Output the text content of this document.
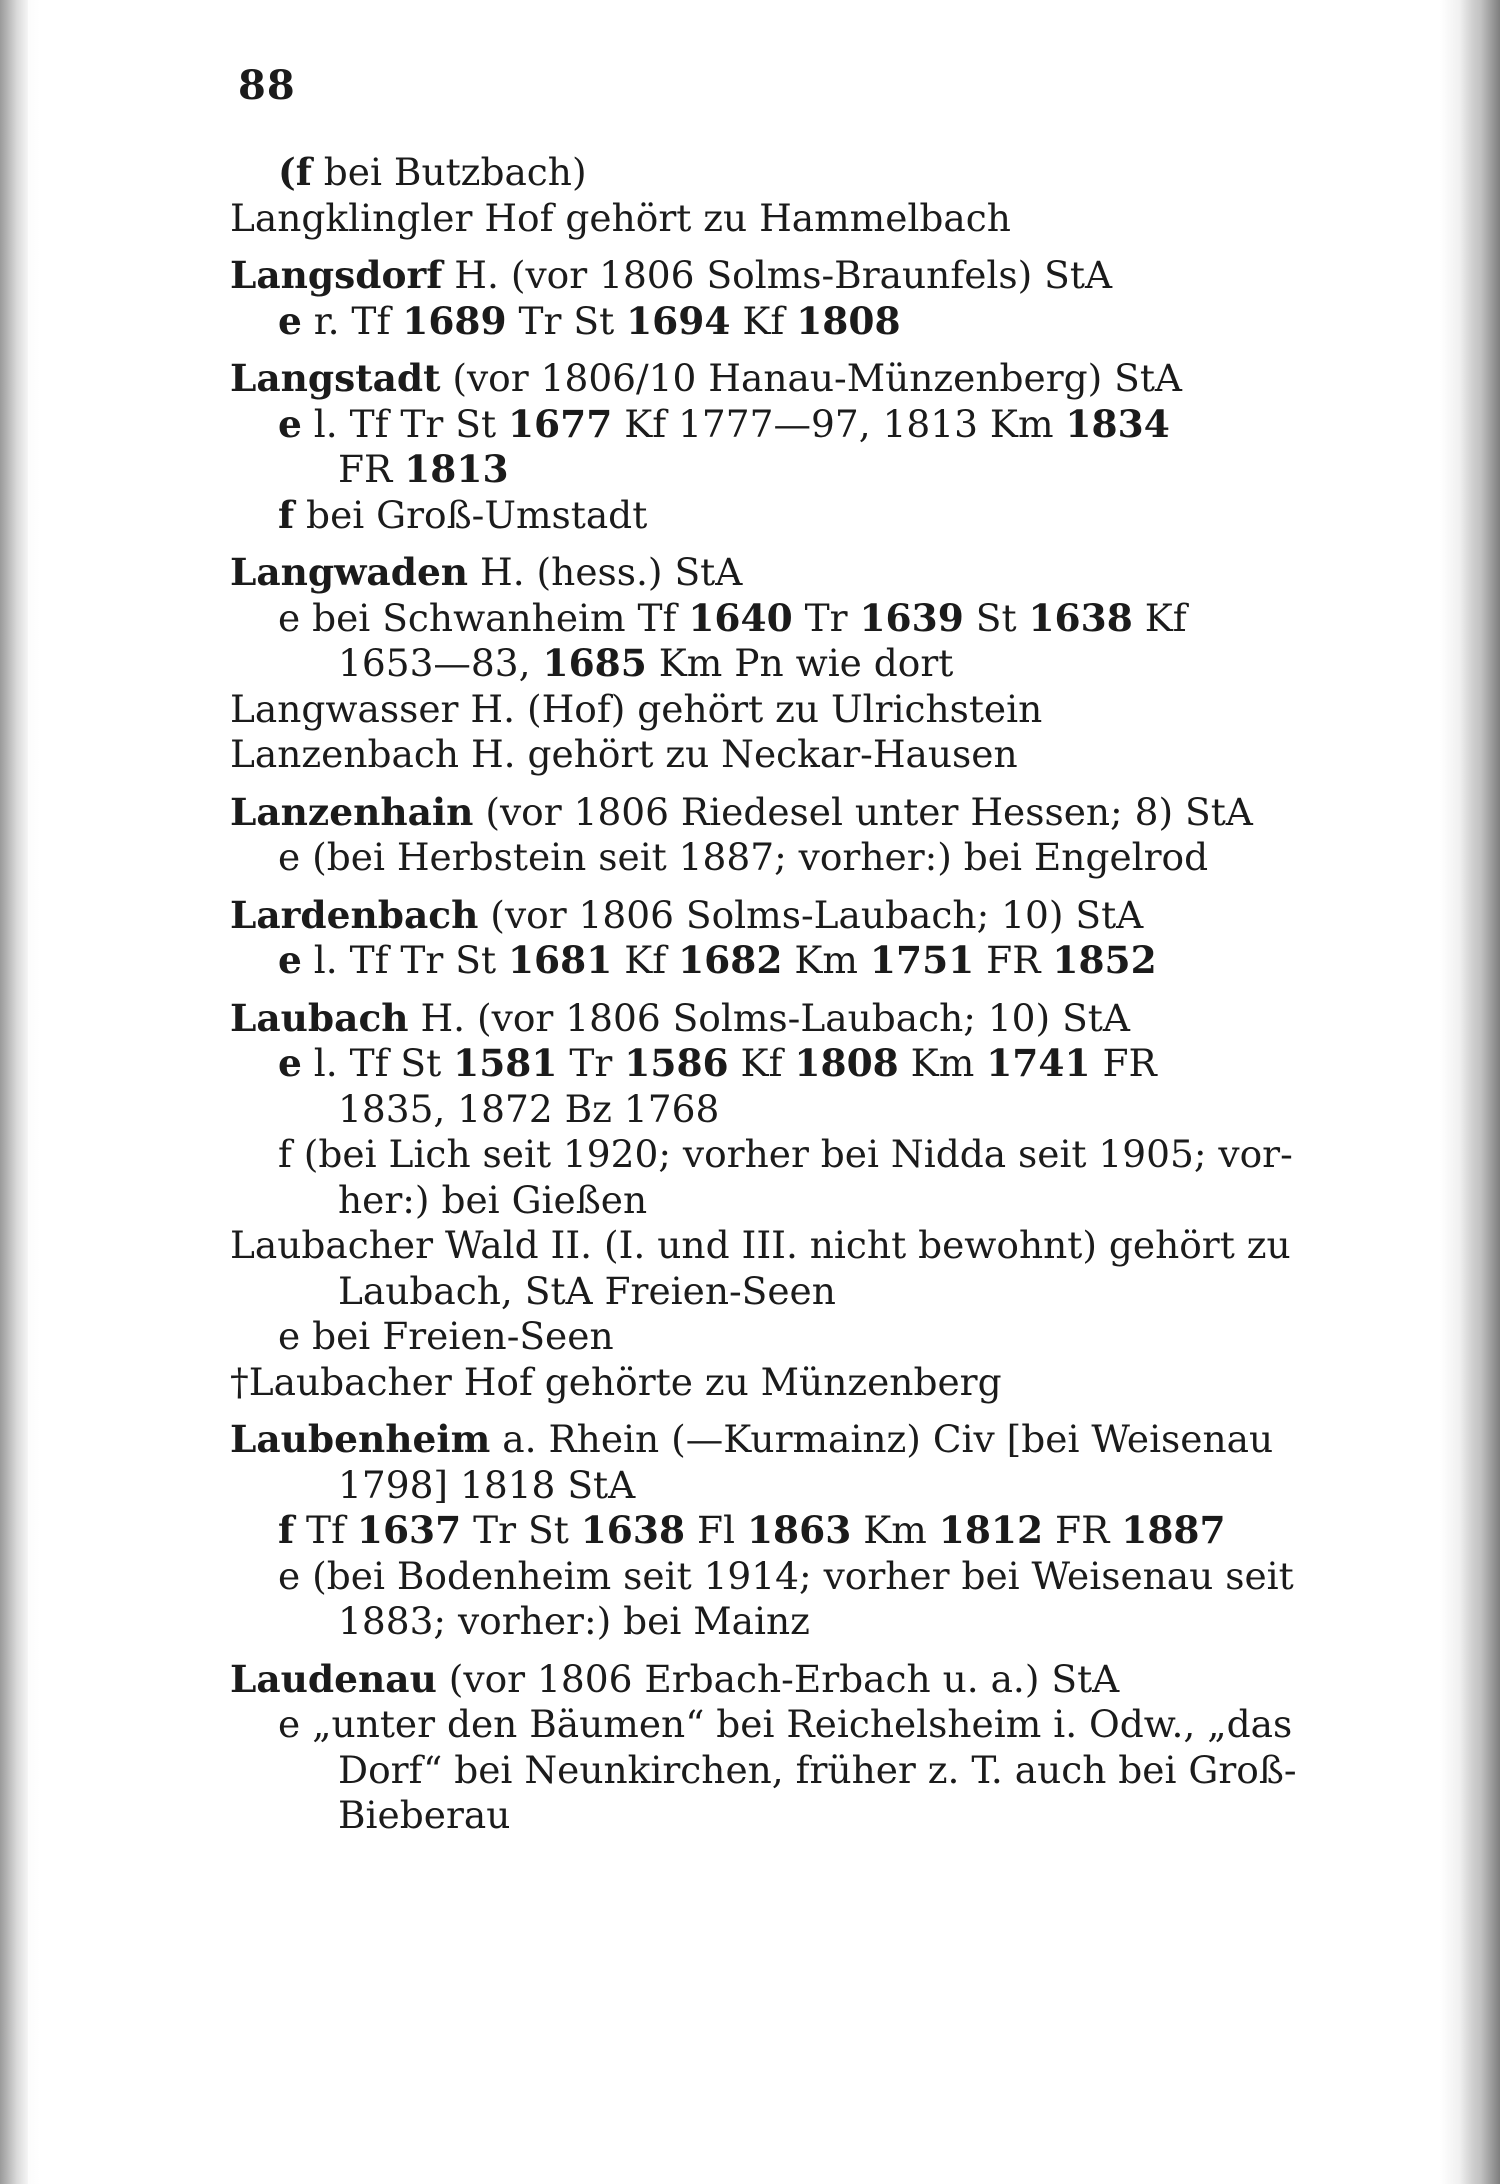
88
(f bei Butzbach)
Langklingler Hof gehört zu Hammelbach
Langsdorf H. (vor 1806 Solms-Braunfels) StA
e r. Tf 1689 Tr St 1694 Kf 1808
Langstadt (vor 1806/10 Hanau-Münzenberg) StA
e l. Tf Tr St 1677 Kf 1777—97, 1813 Km 1834
FR 1813
f bei Groß-Umstadt
Langwaden H. (hess.) StA
e bei Schwanheim Tf 1640 Tr 1639 St 1638 Kf
1653—83, 1685 Km Pn wie dort
Langwasser H. (Hof) gehört zu Ulrichstein
Lanzenbach H. gehört zu Neckar-Hausen
Lanzenhain (vor 1806 Riedesel unter Hessen; 8) StA
e (bei Herbstein seit 1887; vorher:) bei Engelrod
Lardenbach (vor 1806 Solms-Laubach; 10) StA
e l. Tf Tr St 1681 Kf 1682 Km 1751 FR 1852
Laubach H. (vor 1806 Solms-Laubach; 10) StA
e l. Tf St 1581 Tr 1586 Kf 1808 Km 1741 FR
1835, 1872 Bz 1768
f (bei Lich seit 1920; vorher bei Nidda seit 1905; vor-
her:) bei Gießen
Laubacher Wald II. (I. und III. nicht bewohnt) gehört zu
Laubach, StA Freien-Seen
e bei Freien-Seen
†Laubacher Hof gehörte zu Münzenberg
Laubenheim a. Rhein (—Kurmainz) Civ [bei Weisenau
1798] 1818 StA
f Tf 1637 Tr St 1638 Fl 1863 Km 1812 FR 1887
e (bei Bodenheim seit 1914; vorher bei Weisenau seit
1883; vorher:) bei Mainz
Laudenau (vor 1806 Erbach-Erbach u. a.) StA
e „unter den Bäumen“ bei Reichelsheim i. Odw., „das
Dorf“ bei Neunkirchen, früher z. T. auch bei Groß-
Bieberau
